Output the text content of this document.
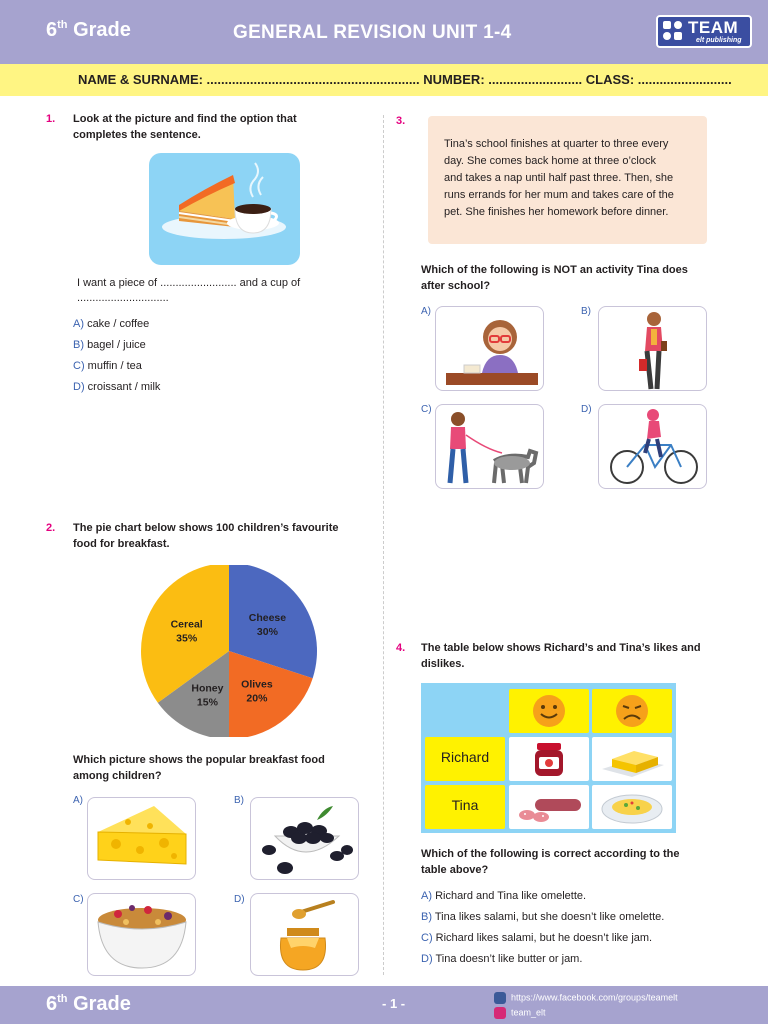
6th Grade	GENERAL REVISION UNIT 1-4	TEAM
elt publishing
NAME & SURNAME: ........................................................... NUMBER: .......................... CLASS: ..........................
1. Look at the picture and find the option that
completes the sentence.
I want a piece of ......................... and a cup of
..............................
A) cake / coffee
B) bagel / juice
C) muffin / tea
D) croissant / milk
2. The pie chart below shows 100 children’s favourite
food for breakfast.
Cheese
30%
Olives
20%
Honey
15%
Cereal
35%
Which picture shows the popular breakfast food
among children?
A)	B)
C)	D)
3.

Tina’s school finishes at quarter to three every
day. She comes back home at three o’clock
and takes a nap until half past three. Then, she
runs errands for her mum and takes care of the
pet. She finishes her homework before dinner.

Which of the following is NOT an activity Tina does
after school?
A)	B)
C)	D)
4. The table below shows Richard’s and Tina’s likes and
dislikes.
Richard
Tina
Which of the following is correct according to the
table above?
A) Richard and Tina like omelette.
B) Tina likes salami, but she doesn’t like omelette.
C) Richard likes salami, but he doesn’t like jam.
D) Tina doesn’t like butter or jam.
6th Grade	- 1 -	https://www.facebook.com/groups/teamelt
team_elt
